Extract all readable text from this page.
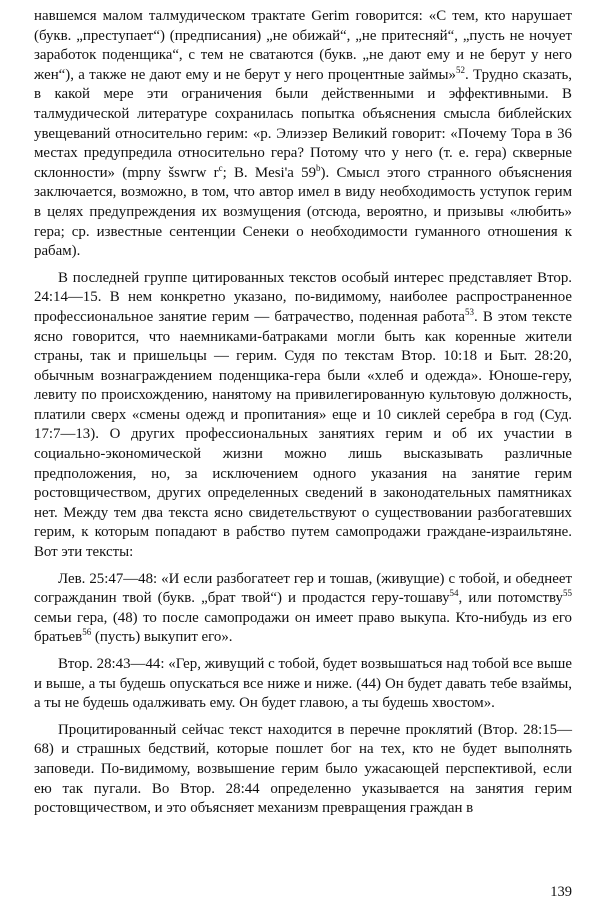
навшемся малом талмудическом трактате Gerim говорится: «С тем, кто нарушает (букв. „преступает“) (предписания) „не обижай“, „не притесняй“, „пусть не ночует заработок поденщика“, с тем не сватаются (букв. „не дают ему и не берут у него жен“), а также не дают ему и не берут у него процентные займы»$^{52}$. Трудно сказать, в какой мере эти ограничения были действенными и эффективными. В талмудической литературе сохранилась попытка объяснения смысла библейских увещеваний относительно герим: «р. Элиэзер Великий говорит: «Почему Тора в 36 местах предупредила относительно гера? Потому что у него (т. е. гера) скверные склонности» (mpny šswrw $r^c$; B. Mesi'a 59$^b$). Смысл этого странного объяснения заключается, возможно, в том, что автор имел в виду необходимость уступок герим в целях предупреждения их возмущения (отсюда, вероятно, и призывы «любить» гера; ср. известные сентенции Сенеки о необходимости гуманного отношения к рабам).

В последней группе цитированных текстов особый интерес представляет Втор. 24:14—15. В нем конкретно указано, по-видимому, наиболее распространенное профессиональное занятие герим — батрачество, поденная работа$^{53}$. В этом тексте ясно говорится, что наемниками-батраками могли быть как коренные жители страны, так и пришельцы — герим. Судя по текстам Втор. 10:18 и Быт. 28:20, обычным вознаграждением поденщика-гера были «хлеб и одежда». Юноше-геру, левиту по происхождению, нанятому на привилегированную культовую должность, платили сверх «смены одежд и пропитания» еще и 10 сиклей серебра в год (Суд. 17:7—13). О других профессиональных занятиях герим и об их участии в социально-экономической жизни можно лишь высказывать различные предположения, но, за исключением одного указания на занятие герим ростовщичеством, других определенных сведений в законодательных памятниках нет. Между тем два текста ясно свидетельствуют о существовании разбогатевших герим, к которым попадают в рабство путем самопродажи граждане-израильтяне. Вот эти тексты:

Лев. 25:47—48: «И если разбогатеет гер и тошав, (живущие) с тобой, и обеднеет согражданин твой (букв. „брат твой“) и продастся геру-тошаву$^{54}$, или потомству$^{55}$ семьи гера, (48) то после самопродажи он имеет право выкупа. Кто-нибудь из его братьев$^{56}$ (пусть) выкупит его».

Втор. 28:43—44: «Гер, живущий с тобой, будет возвышаться над тобой все выше и выше, а ты будешь опускаться все ниже и ниже. (44) Он будет давать тебе взаймы, а ты не будешь одалживать ему. Он будет главою, а ты будешь хвостом».

Процитированный сейчас текст находится в перечне проклятий (Втор. 28:15—68) и страшных бедствий, которые пошлет бог на тех, кто не будет выполнять заповеди. По-видимому, возвышение герим было ужасающей перспективой, если ею так пугали. Во Втор. 28:44 определенно указывается на занятия герим ростовщичеством, и это объясняет механизм превращения граждан в

139
